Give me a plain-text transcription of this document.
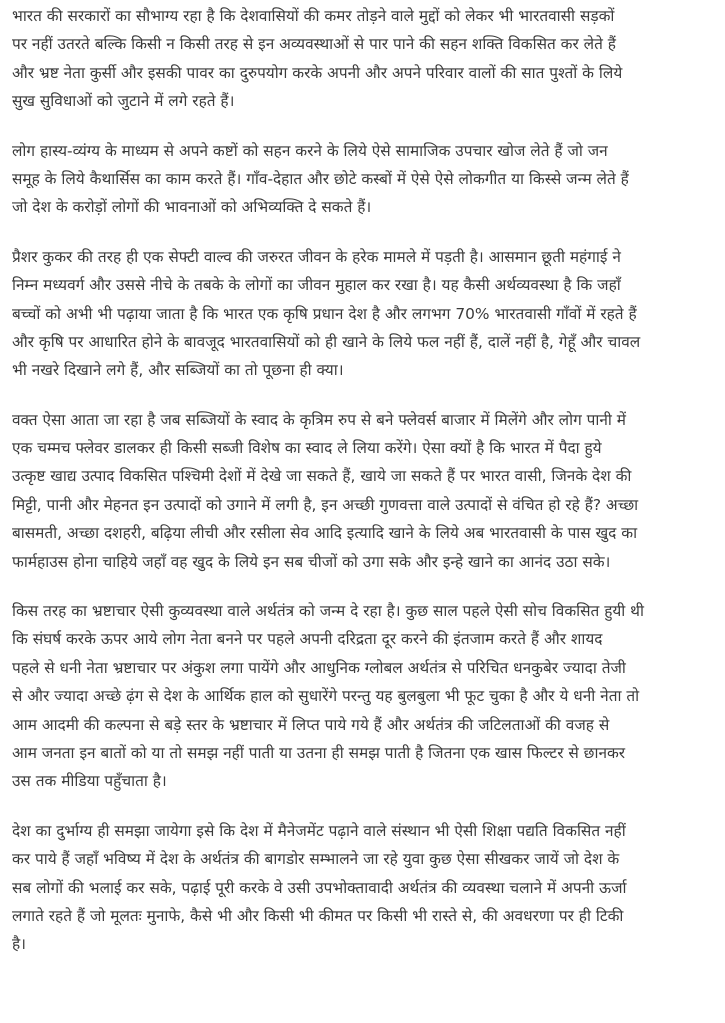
भारत की सरकारों का सौभाग्य रहा है कि देशवासियों की कमर तोड़ने वाले मुद्दों को लेकर भी भारतवासी सड़कों
पर नहीं उतरते बल्कि किसी न किसी तरह से इन अव्यवस्थाओं से पार पाने की सहन शक्ति विकसित कर लेते हैं
और भ्रष्ट नेता कुर्सी और इसकी पावर का दुरुपयोग करके अपनी और अपने परिवार वालों की सात पुश्तों के लिये
सुख सुविधाओं को जुटाने में लगे रहते हैं।

लोग हास्य-व्यंग्य के माध्यम से अपने कष्टों को सहन करने के लिये ऐसे सामाजिक उपचार खोज लेते हैं जो जन
समूह के लिये कैथार्सिस का काम करते हैं। गाँव-देहात और छोटे कस्बों में ऐसे ऐसे लोकगीत या किस्से जन्म लेते हैं
जो देश के करोड़ों लोगों की भावनाओं को अभिव्यक्ति दे सकते हैं।

प्रैशर कुकर की तरह ही एक सेफ्टी वाल्व की जरुरत जीवन के हरेक मामले में पड़ती है। आसमान छूती महंगाई ने
निम्न मध्यवर्ग और उससे नीचे के तबके के लोगों का जीवन मुहाल कर रखा है। यह कैसी अर्थव्यवस्था है कि जहाँ
बच्चों को अभी भी पढ़ाया जाता है कि भारत एक कृषि प्रधान देश है और लगभग 70% भारतवासी गाँवों में रहते हैं
और कृषि पर आधारित होने के बावजूद भारतवासियों को ही खाने के लिये फल नहीं हैं, दालें नहीं है, गेहूँ और चावल
भी नखरे दिखाने लगे हैं, और सब्जियों का तो पूछना ही क्या।

वक्त ऐसा आता जा रहा है जब सब्जियों के स्वाद के कृत्रिम रुप से बने फ्लेवर्स बाजार में मिलेंगे और लोग पानी में
एक चम्मच फ्लेवर डालकर ही किसी सब्जी विशेष का स्वाद ले लिया करेंगे। ऐसा क्यों है कि भारत में पैदा हुये
उत्कृष्ट खाद्य उत्पाद विकसित पश्चिमी देशों में देखे जा सकते हैं, खाये जा सकते हैं पर भारत वासी, जिनके देश की
मिट्टी, पानी और मेहनत इन उत्पादों को उगाने में लगी है, इन अच्छी गुणवत्ता वाले उत्पादों से वंचित हो रहे हैं? अच्छा
बासमती, अच्छा दशहरी, बढ़िया लीची और रसीला सेव आदि इत्यादि खाने के लिये अब भारतवासी के पास खुद का
फार्महाउस होना चाहिये जहाँ वह खुद के लिये इन सब चीजों को उगा सके और इन्हे खाने का आनंद उठा सके।

किस तरह का भ्रष्टाचार ऐसी कुव्यवस्था वाले अर्थतंत्र को जन्म दे रहा है। कुछ साल पहले ऐसी सोच विकसित हुयी थी
कि संघर्ष करके ऊपर आये लोग नेता बनने पर पहले अपनी दरिद्रता दूर करने की इंतजाम करते हैं और शायद
पहले से धनी नेता भ्रष्टाचार पर अंकुश लगा पायेंगे और आधुनिक ग्लोबल अर्थतंत्र से परिचित धनकुबेर ज्यादा तेजी
से और ज्यादा अच्छे ढ़ंग से देश के आर्थिक हाल को सुधारेंगे परन्तु यह बुलबुला भी फूट चुका है और ये धनी नेता तो
आम आदमी की कल्पना से बड़े स्तर के भ्रष्टाचार में लिप्त पाये गये हैं और अर्थतंत्र की जटिलताओं की वजह से
आम जनता इन बातों को या तो समझ नहीं पाती या उतना ही समझ पाती है जितना एक खास फिल्टर से छानकर
उस तक मीडिया पहुँचाता है।

देश का दुर्भाग्य ही समझा जायेगा इसे कि देश में मैनेजमेंट पढ़ाने वाले संस्थान भी ऐसी शिक्षा पद्यति विकसित नहीं
कर पाये हैं जहाँ भविष्य में देश के अर्थतंत्र की बागडोर सम्भालने जा रहे युवा कुछ ऐसा सीखकर जायें जो देश के
सब लोगों की भलाई कर सके, पढ़ाई पूरी करके वे उसी उपभोक्तावादी अर्थतंत्र की व्यवस्था चलाने में अपनी ऊर्जा
लगाते रहते हैं जो मूलतः मुनाफे, कैसे भी और किसी भी कीमत पर किसी भी रास्ते से, की अवधरणा पर ही टिकी
है।
